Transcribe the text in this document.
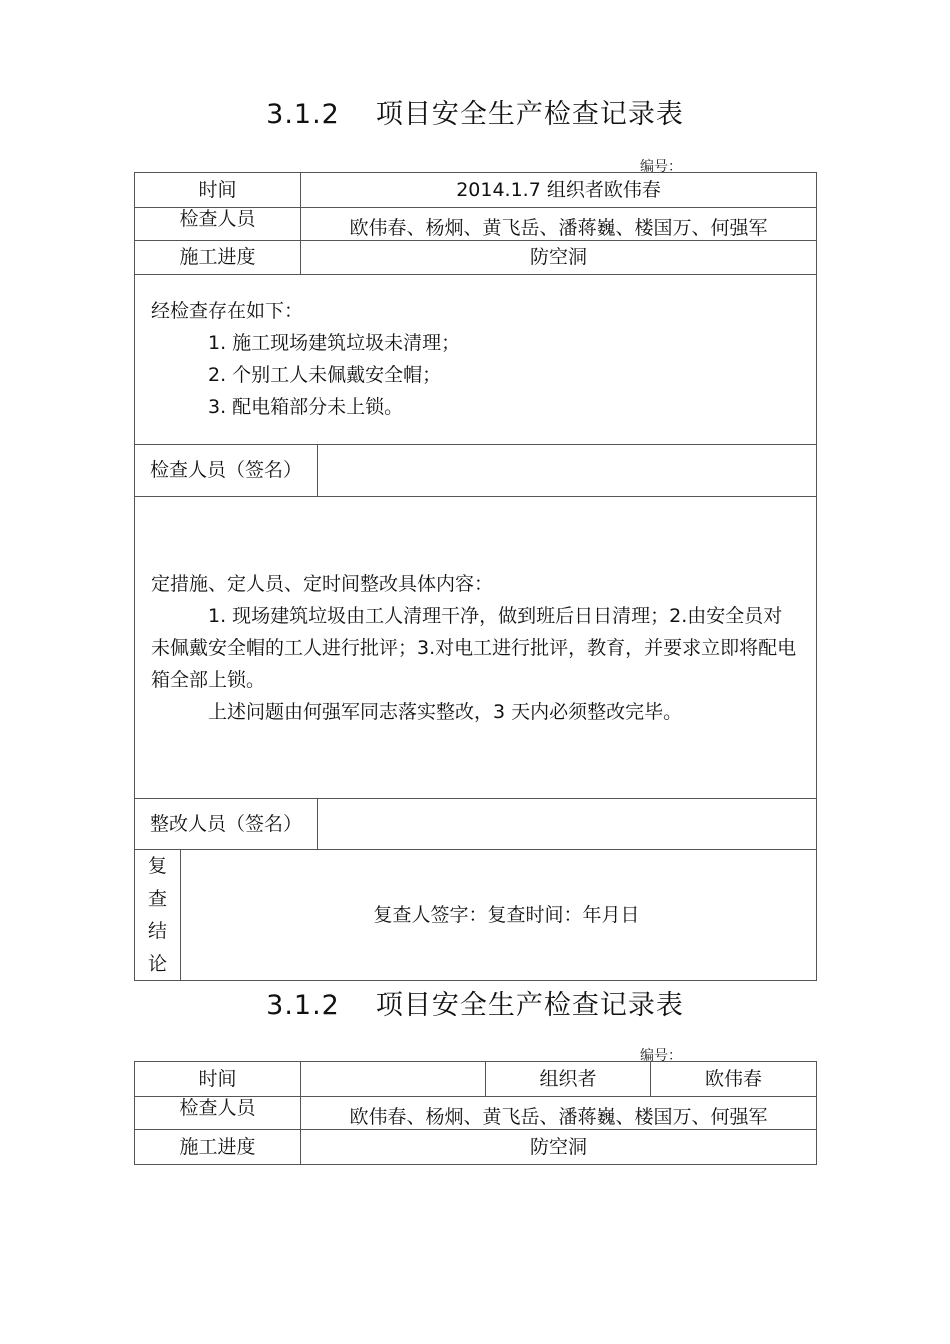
3.1.2 项目安全生产检查记录表
编号：
时间		2014.1.7 组织者欧伟春	
检查人员		欧伟春、杨炯、黄飞岳、潘蒋巍、楼国万、何强军	
施工进度		防空洞	

经检查存在如下：
1. 施工现场建筑垃圾未清理；
2. 个别工人未佩戴安全帽；
3. 配电箱部分未上锁。			

检查人员（签名）			

定措施、定人员、定时间整改具体内容：
1. 现场建筑垃圾由工人清理干净，做到班后日日清理；2.由安全员对未佩戴安全帽的工人进行批评；3.对电工进行批评，教育，并要求立即将配电箱全部上锁。
上述问题由何强军同志落实整改，3 天内必须整改完毕。			

整改人员（签名）			

复
查
结
论	复查人签字：复查时间：年月日		
3.1.2 项目安全生产检查记录表
编号：
时间		组织者	欧伟春
检查人员	欧伟春、杨炯、黄飞岳、潘蒋巍、楼国万、何强军		
施工进度	防空洞		
